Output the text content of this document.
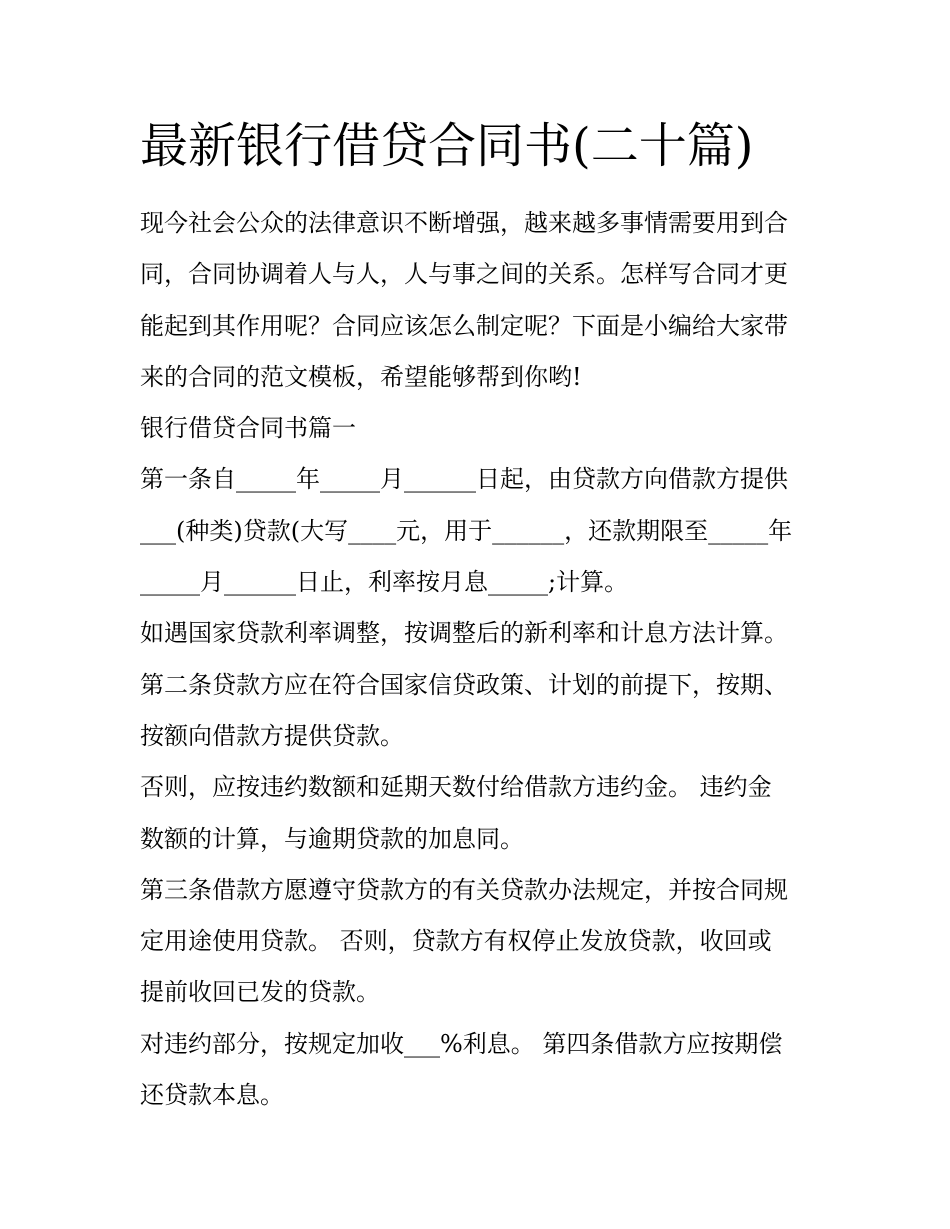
最新银行借贷合同书(二十篇)
现今社会公众的法律意识不断增强，越来越多事情需要用到合
同，合同协调着人与人，人与事之间的关系。怎样写合同才更
能起到其作用呢？合同应该怎么制定呢？下面是小编给大家带
来的合同的范文模板，希望能够帮到你哟!
银行借贷合同书篇一
第一条自_____年_____月______日起，由贷款方向借款方提供
___(种类)贷款(大写____元，用于______，还款期限至_____年
_____月______日止，利率按月息_____;计算。
如遇国家贷款利率调整，按调整后的新利率和计息方法计算。
第二条贷款方应在符合国家信贷政策、计划的前提下，按期、
按额向借款方提供贷款。
否则，应按违约数额和延期天数付给借款方违约金。 违约金
数额的计算，与逾期贷款的加息同。
第三条借款方愿遵守贷款方的有关贷款办法规定，并按合同规
定用途使用贷款。 否则，贷款方有权停止发放贷款，收回或
提前收回已发的贷款。
对违约部分，按规定加收___%利息。 第四条借款方应按期偿
还贷款本息。
